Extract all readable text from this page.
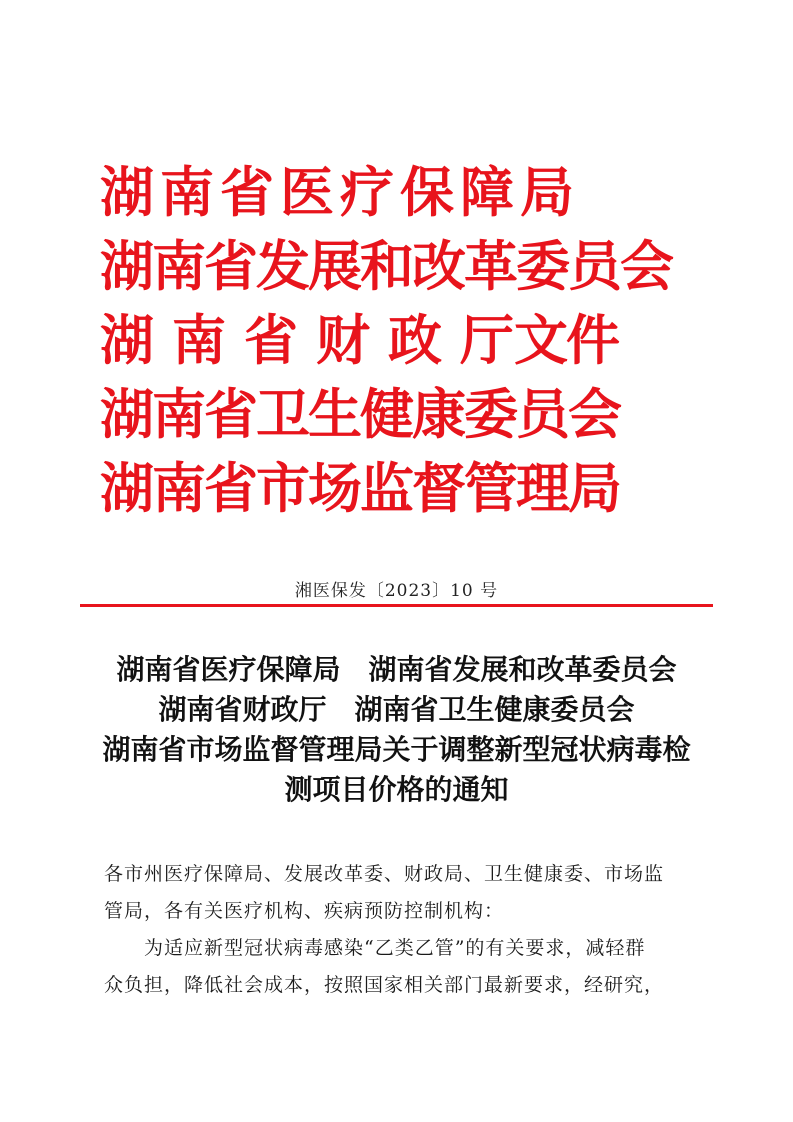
湖南省医疗保障局
湖南省发展和改革委员会
湖南省财政厅文件
湖南省卫生健康委员会
湖南省市场监督管理局
湘医保发〔2023〕10 号
湖南省医疗保障局 湖南省发展和改革委员会
湖南省财政厅 湖南省卫生健康委员会
湖南省市场监督管理局关于调整新型冠状病毒检
测项目价格的通知

各市州医疗保障局、发展改革委、财政局、卫生健康委、市场监

管局，各有关医疗机构、疾病预防控制机构：

为适应新型冠状病毒感染“乙类乙管”的有关要求，减轻群

众负担，降低社会成本，按照国家相关部门最新要求，经研究，
